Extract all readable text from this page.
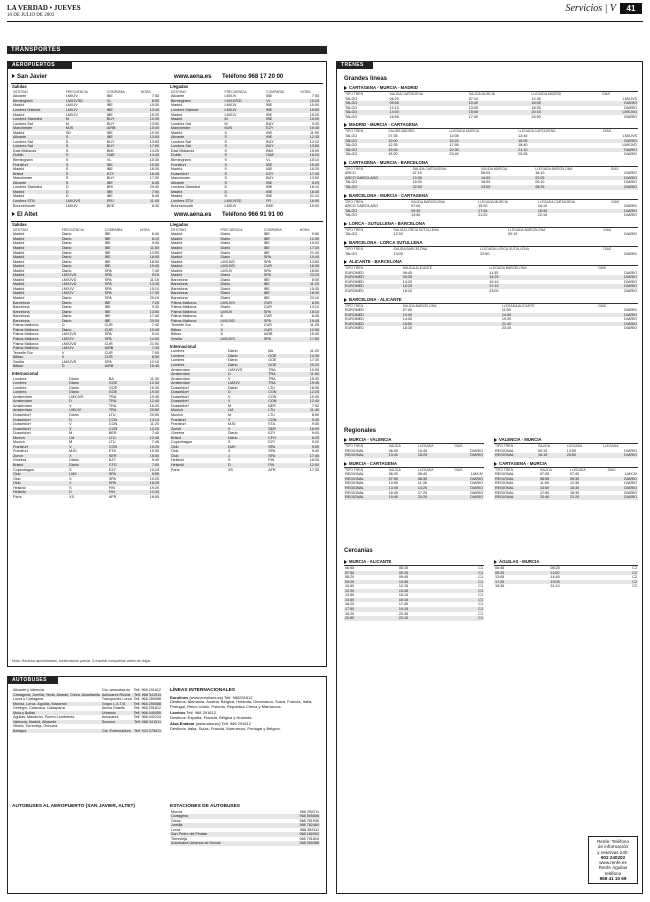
LA VERDAD • JUEVES
10 DE JULIO DE 2003
Servicios | V	41
TRANSPORTES
AEROPUERTOS
San Javier	www.aena.es Teléfono 968 17 20 00
Salidas
DESTINO	FRECUENCIA	COMPAÑÍA	HORA
Alicante	LMXJV	IBE	7:55
Birmingham	LMXJVSD	VL	8:50
Madrid	LMXJV	IBE	10:30
Londres Gatwick	LMXJV	IBE	13:40
Madrid	LMXJV	IBE	15:20
Londres Stansted	M	BUY	10:30
Londres Sat	M	BUY	13:50
Manchester	MJS	AIRB	10:30
Madrid	SD	IBE	10:30
Alicante	S	IBE	13:05
Londres Sat	S	BUY	13:50
Londres Sat	S	BUY	17:00
East Midlands	S	BMI	14:25
Dublin	S	GAE	14:40
Birmingham	S	VL	15:30
Frankfurt	S	IBE	10:30
Madrid	S	IBE	16:30
Bristol	S	EZY	16:45
Manchester	S	BUY	17:00
Alicante	S	IBE	6:45
Londres Stansted	D	BRI	20:45
Madrid	D	IBE	7:00
Madrid	D	IBE	6:45
Londres STN	LMXJVS	ERJ	11:40
Bournemouth	LMXJV	BEE	8:40
Llegadas
DESTINO	FRECUENCIA	COMPAÑÍA	HORA
Alicante	LMXJV	IBE	7:55
Birmingham	LMXJVSD	VL	10:15
Madrid	LMXJV	IBE	10:00
Londres Gatwick	LMXJV	IBE	15:50
Madrid	LMXJV	IBE	15:20
Madrid	M	IBE	10:00
Londres Sat	M	BUY	9:35
Manchester	MJS	EZY	10:45
Madrid	S	IBE	11:00
Alicante	S	IBE	12:35
Londres Sat	S	BUY	13:10
Londres Sat	S	BUY	13:50
East Midlands	S	BMI	15:00
Dublin	S	GAE	16:20
Birmingham	S	VL	15:10
Frankfurt	S	IBE	15:40
Madrid	S	IBE	16:20
Dusseldorf	S	EZY	17:40
Manchester	S	BUY	13:50
Alicante	S	IBE	5:25
Londres Stansted	D	BRI	16:10
Madrid	D	IBE	16:30
Madrid	D	IBE	21:10
Londres STN	LMXJVSD	FR	16:50
Bournemouth	LMXJV	BEE	19:00
El Altet	www.aena.es Teléfono 966 91 91 00
Salidas
DESTINO	FRECUENCIA	COMPAÑÍA	HORA
Madrid	Diario	IBE	6:40
Madrid	Diario	IBE	8:15
Madrid	Diario	IBE	9:45
Madrid	Diario	IBE	11:55
Madrid	Diario	IBE	13:55
Madrid	Diario	IBE	16:05
Madrid	Diario	IBE	18:00
Madrid	Diario	IBE	19:45
Madrid	Diario	SPA	7:40
Madrid	LMXJVD	SPA	9:15
Madrid	LMXJVD	SPA	11:15
Madrid	LMXJVD	SPA	13:45
Madrid	LMXJV	SPA	15:10
Madrid	LMXJV	SPA	17:30
Madrid	Diario	SPA	20:15
Barcelona	Diario	IBE	7:25
Barcelona	Diario	IBE	9:30
Barcelona	Diario	IBE	13:50
Barcelona	Diario	IBE	17:40
Barcelona	Diario	IBE	20:05
Palma Mallorca	D	CUR	7:40
Palma Mallorca	Diario	CUR	10:45
Palma Mallorca	LMXJVS	SPA	9:10
Palma Mallorca	LMXJV	SPA	14:00
Palma Mallorca	LMXJVD	CUR	21:50
Palma Mallorca	LMXJV	AIRB	7:45
Tenerife Sur	V	CUR	7:55
Bilbao	X	CUR	8:50
Sevilla	LMXJVS	SPA	12:15
Bilbao	D	AIRB	15:40
Internacional
Londres	Diario	BA	11:30
Londres	Diario	GOE	12:30
Londres	Diario	GOE	16:35
Londres	Diario	GOE	19:30
Amsterdam	LMXJVS	TRA	10:45
Amsterdam	D	TRA	12:40
Amsterdam	V	TRA	16:20
Amsterdam	LMXJV	TRA	20:50
Dusseldorf	Diario	LTU	20:05
Dusseldorf	D	CON	13:10
Dusseldorf	V	CON	11:20
Dusseldorf	V	CON	13:20
Dusseldorf	M	BER	7:45
Munich	LM	LTU	12:45
Munich	M	LTU	7:45
Frankfurt	V	CON	10:20
Frankfurt	MJD	ETA	10:35
Zurich	X	SER	16:50
Ginebra	Diario	EZY	9:45
Bristol	Diario	CFG	7:05
Copenhague	S	EZY	10:15
Oslo	LMX	SPA	9:55
Oslo	S	SPA	10:25
Oslo	J	SPA	18:25
Helsinki	S	FIN	19:20
Helsinki	D	FIN	12:40
París	XS	AFR	18:05
Llegadas
DESTINO	FRECUENCIA	COMPAÑÍA	HORA
Madrid	Diario	IBE	9:50
Madrid	Diario	IBE	12:40
Madrid	Diario	IBE	15:00
Madrid	Diario	IBE	17:30
Madrid	Diario	IBE	21:40
Madrid	Diario	SPA	10:40
Madrid	LMXJVD	SPA	13:50
Madrid	LMXJVD	CUR	16:05
Madrid	LMXJV	SPA	18:50
Madrid	Diario	SPA	22:20
Barcelona	Diario	IBE	8:30
Barcelona	Diario	IBE	11:20
Barcelona	Diario	IBE	15:35
Barcelona	Diario	IBE	18:30
Barcelona	Diario	IBE	22:10
Palma Mallorca	LMXJVS	CUR	8:00
Palma Mallorca	Diario	CUR	13:10
Palma Mallorca	LMXJV	SPA	16:10
Palma Mallorca	D	CUR	6:35
Palma Mallorca	LMXJVD	SPA	19:45
Tenerife Sur	V	CUR	11:25
Bilbao	X	CUR	12:55
Bilbao	D	AIRB	15:05
Sevilla	LMXJVS	SPA	17:50
Internacional
Londres	Diario	BA	11:20
Londres	Diario	GOE	14:35
Londres	Diario	GOE	17:30
Londres	Diario	GOE	20:20
Amsterdam	LMXJVS	TRA	10:05
Amsterdam	D	TRA	11:50
Amsterdam	V	TRA	15:40
Amsterdam	LMXJV	TRA	19:45
Dusseldorf	Diario	LTU	18:55
Dusseldorf	D	CON	12:25
Dusseldorf	V	CON	10:40
Dusseldorf	V	CON	12:45
Dusseldorf	M	BER	7:00
Munich	LM	LTU	11:40
Munich	M	LTU	6:50
Frankfurt	V	CON	9:40
Frankfurt	MJD	ETA	9:55
Zurich	X	SER	16:00
Ginebra	Diario	EZY	9:05
Bristol	Diario	CFG	6:25
Copenhague	S	EZY	9:20
Oslo	LMX	SPA	9:05
Oslo	S	SPA	9:40
Oslo	J	SPA	17:45
Helsinki	S	FIN	18:35
Helsinki	D	FIN	12:00
París	XS	AFR	17:30
Nota: Horarios aproximados, confirmación previa. Consultar compañías antes de viajar.
AUTOBUSES
Alicante y Valencia	Cía. www.alsa.es	Telf. 968 291612
Cartagena, Jumilla, Yecla, Abarán, Cieza, Alcantarilla	Autocares Rico/a	Telf. 968 341911
Lorca y Cartagena	Transportes Lorca	Telf. 968 250088
Murcia, Lorca, Águilas, Mazarrón	Grupo L.A.T.B.	Telf. 968 250088
Cehegín, Caravaca, Calasparra	Alsina Graells	Telf. 968 291612
Mula y Bullas	Urbanos	Telf. 968 440050
Águilas, Mazarrón, Puerto Lumbreras	Autocares	Telf. 968 442124
Valencia, Madrid, Albacete	Sucesor	Telf. 968 341911
Vitoria, Torrevieja, Orihuela		
Badajoz	Cía. Extremadura	Telf. 924 275611
LÍNEAS INTERNACIONALES
Eurolines (www.eurolines.es) Telf. 968291612
Destinos: Alemania, Austria, Bélgica, Holanda, Dinamarca, Suiza, Francia, Italia, Portugal, Reino Unido, Polonia, República Checa y Marruecos.
Linebús Telf. 968 291612
Destinos: España, Francia, Bélgica y Holanda.
Alsa-Enatcar (www.alsa.es) Telf. 968 291612
Destinos: Italia, Suiza, Francia, Marruecos, Portugal y Bélgica.
AUTOBUSES AL AEROPUERTO (SAN JAVIER, ALTET)	ESTACIONES DE AUTOBUSES
Murcia	968 292211
Cartagena	968 505656
Cieza	968 761940
Jumilla	968 782460
Lorca	968 469111
San Pedro del Pinatar	968 182902
Torrevieja	965 701816
Autobuses Urbanos de Murcia	968 250088
TRENES
Grandes líneas
CARTAGENA - MURCIA - MADRID
TIPO TREN	SALIDA CARTAGENA	SALIDA MURCIA	LLEGADA MADRID	DÍAS
TALGO	06:20	07:10	12:35	LMXJVS
TALGO	09:55	10:40	16:05	DIARIO
TALGO	12:10	13:05	18:35	DIARIO
TALGO	14:00	15:00	20:15	LMXJVD
TALGO	16:55	17:40	23:00	DIARIO
MADRID - MURCIA - CARTAGENA
TIPO TREN	SALIDA MADRID	LLEGADA MURCIA	LLEGADA CARTAGENA	DÍAS
TALGO	07:35	13:05	13:45	LMXJVS
TALGO	10:00	15:20	16:05	DIARIO
TALGO	12:35	17:55	18:40	LMXJVD
TALGO	15:05	20:30	21:12	DIARIO
TALGO	18:20	23:40	00:25	DIARIO
CARTAGENA - MURCIA - BARCELONA
TIPO TREN	SALIDA CARTAGENA	SALIDA MURCIA	LLEGADA BARCELONA	DÍAS
ARCO	07:10	08:00	16:10	DIARIO
ARCO GARCILASO	13:05	14:00	22:25	DIARIO
TALGO	15:00	16:00	00:10	DIARIO
TALGO	22:00	23:05	08:25	DIARIO
BARCELONA - MURCIA - CARTAGENA
TIPO TREN	SALIDA BARCELONA	LLEGADA MURCIA	LLEGADA CARTAGENA	DÍAS
ARCO GARCILASO	07:00	15:20	16:10	DIARIO
TALGO	09:30	17:45	18:40	DIARIO
TALGO	13:00	21:20	22:15	DIARIO
LORCA - SUTULLENA - BARCELONA
TIPO TREN	SALIDA LORCA SUTULLENA	LLEGADA BARCELONA	DÍAS
TALGO	12:30	00:10	DIARIO
BARCELONA - LORCA SUTULLENA
TIPO TREN	SALIDA BARCELONA	LLEGADA LORCA SUTULLENA	DÍAS
TALGO	13:00	22:50	DIARIO
ALICANTE - BARCELONA
TIPO TREN	SALIDA ALICANTE	LLEGADA BARCELONA	DÍAS
EUROMED	06:45	11:35	DIARIO
EUROMED	09:35	14:25	DIARIO
EUROMED	14:20	19:10	DIARIO
EUROMED	16:25	21:15	DIARIO
EUROMED	18:10	23:00	DIARIO
BARCELONA - ALICANTE
TIPO TREN	SALIDA BARCELONA	LLEGADA ALICANTE	DÍAS
EUROMED	07:00	11:50	DIARIO
EUROMED	10:00	14:50	DIARIO
EUROMED	14:30	19:20	DIARIO
EUROMED	16:50	21:40	DIARIO
EUROMED	18:35	23:25	DIARIO
Regionales
MURCIA - VALENCIA
TIPO TREN	SALIDA	LLEGADA	DÍAS
REGIONAL	06:00	10:45	DIARIO
REGIONAL	13:40	18:20	DIARIO
MURCIA - CARTAGENA
TIPO TREN	SALIDA	LLEGADA	DÍAS
REGIONAL	06:00	06:40	LMXJV
REGIONAL	07:55	08:35	DIARIO
REGIONAL	10:55	11:35	DIARIO
REGIONAL	13:45	14:25	DIARIO
REGIONAL	16:45	17:25	DIARIO
REGIONAL	19:40	20:20	DIARIO
VALENCIA - MURCIA
TIPO TREN	SALIDA	LLEGADA	LLEGADA
REGIONAL	09:15	13:50	DIARIO
REGIONAL	16:15	20:50	DIARIO
CARTAGENA - MURCIA
TIPO TREN	SALIDA	LLEGADA	DÍAS
REGIONAL	07:00	07:40	LMXJV
REGIONAL	08:55	09:35	DIARIO
REGIONAL	11:55	12:35	DIARIO
REGIONAL	14:50	15:30	DIARIO
REGIONAL	17:50	18:30	DIARIO
REGIONAL	20:40	21:20	DIARIO
Cercanías
MURCIA - ALICANTE
06:50	08:15	C1
07:50	09:15	C1
08:20	09:45	C1
09:20	10:45	C1
10:50	12:15	C1
12:20	13:45	C1
13:50	15:15	C1
14:50	16:15	C1
16:20	17:45	C1
17:50	19:15	C1
19:20	20:45	C1
20:50	22:15	C1
ÁGUILAS - MURCIA
06:45	08:25	C2
09:20	11:00	C2
13:05	14:45	C2
17:25	19:05	C2
19:30	21:10	C2
Renfe: Teléfono
de información
y reservas 24h:
902 240202
www.renfe.es
Renfe Águilas
teléfono
968 41 10 69
